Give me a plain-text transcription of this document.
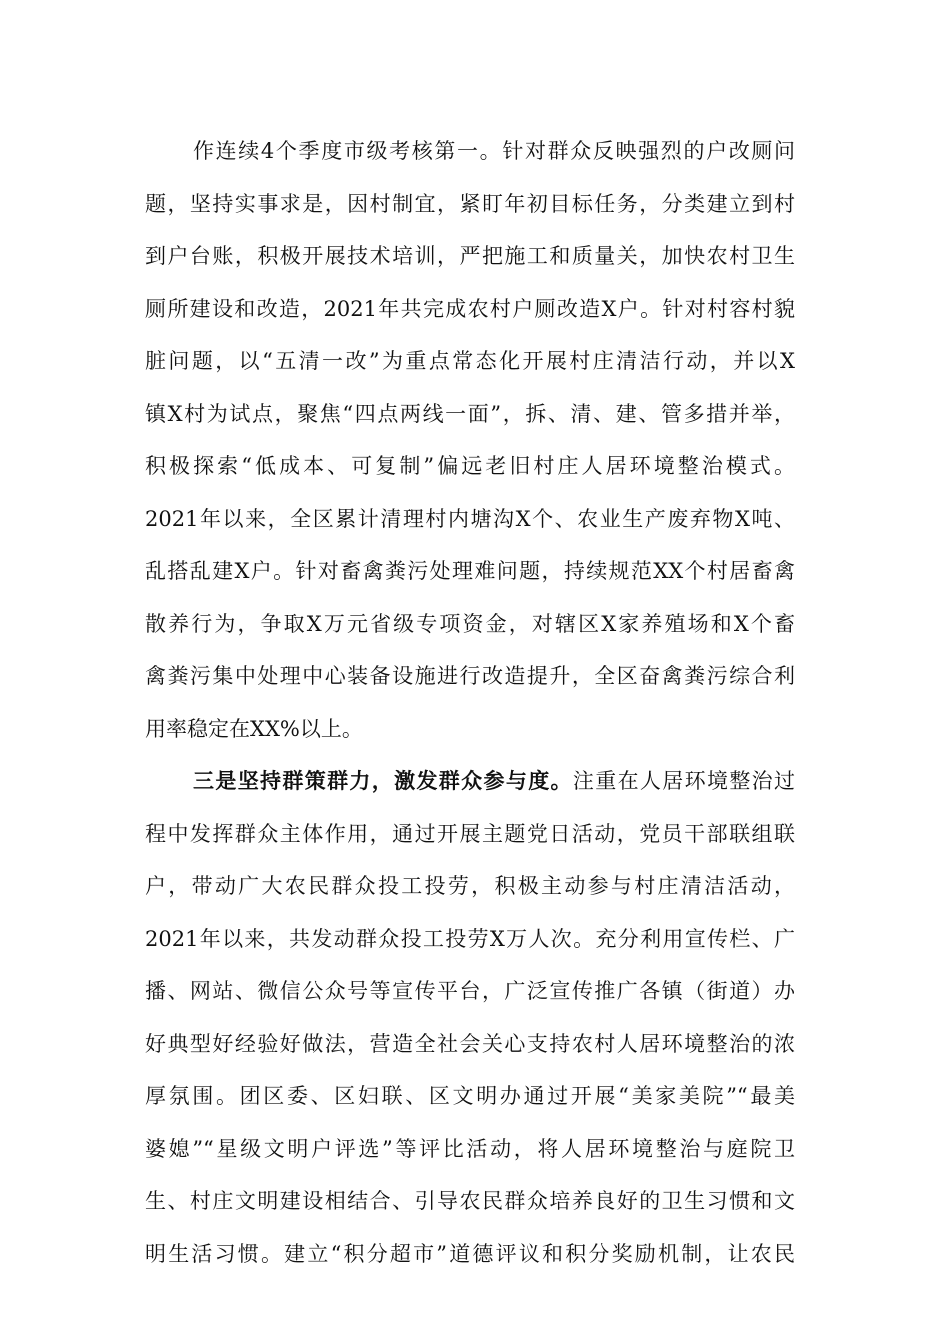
作连续4个季度市级考核第一。针对群众反映强烈的户改厕问
题，坚持实事求是，因村制宜，紧盯年初目标任务，分类建立到村
到户台账，积极开展技术培训，严把施工和质量关，加快农村卫生
厕所建设和改造，2021年共完成农村户厕改造X户。针对村容村貌
脏问题，以“五清一改”为重点常态化开展村庄清洁行动，并以X
镇X村为试点，聚焦“四点两线一面”，拆、清、建、管多措并举，
积极探索“低成本、可复制”偏远老旧村庄人居环境整治模式。
2021年以来，全区累计清理村内塘沟X个、农业生产废弃物X吨、
乱搭乱建X户。针对畜禽粪污处理难问题，持续规范XX个村居畜禽
散养行为，争取X万元省级专项资金，对辖区X家养殖场和X个畜
禽粪污集中处理中心装备设施进行改造提升，全区奋禽粪污综合利
用率稳定在XX%以上。
三是坚持群策群力，激发群众参与度。注重在人居环境整治过
程中发挥群众主体作用，通过开展主题党日活动，党员干部联组联
户，带动广大农民群众投工投劳，积极主动参与村庄清洁活动，
2021年以来，共发动群众投工投劳X万人次。充分利用宣传栏、广
播、网站、微信公众号等宣传平台，广泛宣传推广各镇（街道）办
好典型好经验好做法，营造全社会关心支持农村人居环境整治的浓
厚氛围。团区委、区妇联、区文明办通过开展“美家美院”“最美
婆媳”“星级文明户评选”等评比活动，将人居环境整治与庭院卫
生、村庄文明建设相结合、引导农民群众培养良好的卫生习惯和文
明生活习惯。建立“积分超市”道德评议和积分奖励机制，让农民
